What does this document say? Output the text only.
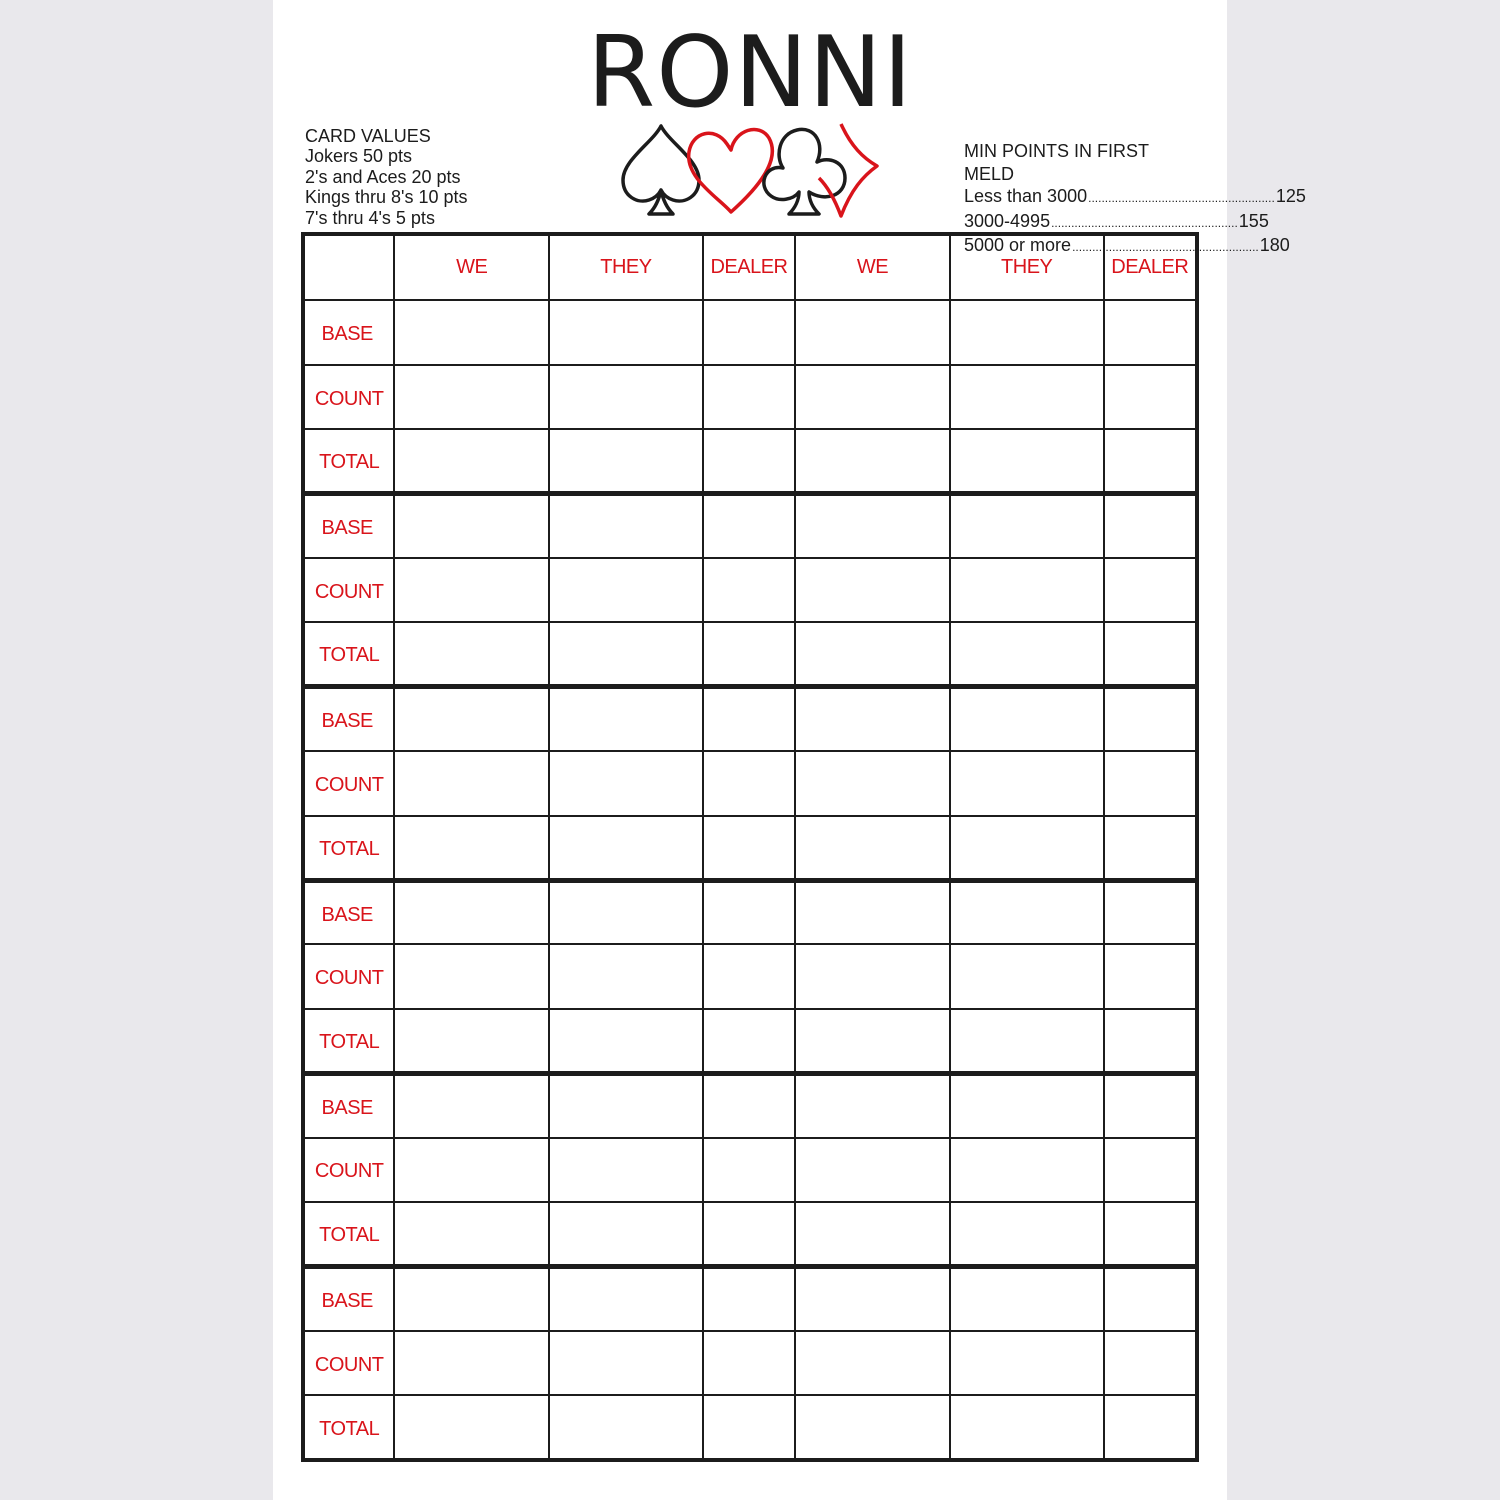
RONNI
CARD VALUES
Jokers 50 pts
2's and Aces 20 pts
Kings thru 8's 10 pts
7's thru 4's 5 pts
MIN POINTS IN FIRST MELD
Less than 3000 ........................................................ 125
3000-4995 ........................................................ 155
5000 or more ........................................................ 180
	WE	THEY	DEALER	WE	THEY	DEALER
BASE						
COUNT						
TOTAL						
BASE						
COUNT						
TOTAL						
BASE						
COUNT						
TOTAL						
BASE						
COUNT						
TOTAL						
BASE						
COUNT						
TOTAL						
BASE						
COUNT						
TOTAL						
